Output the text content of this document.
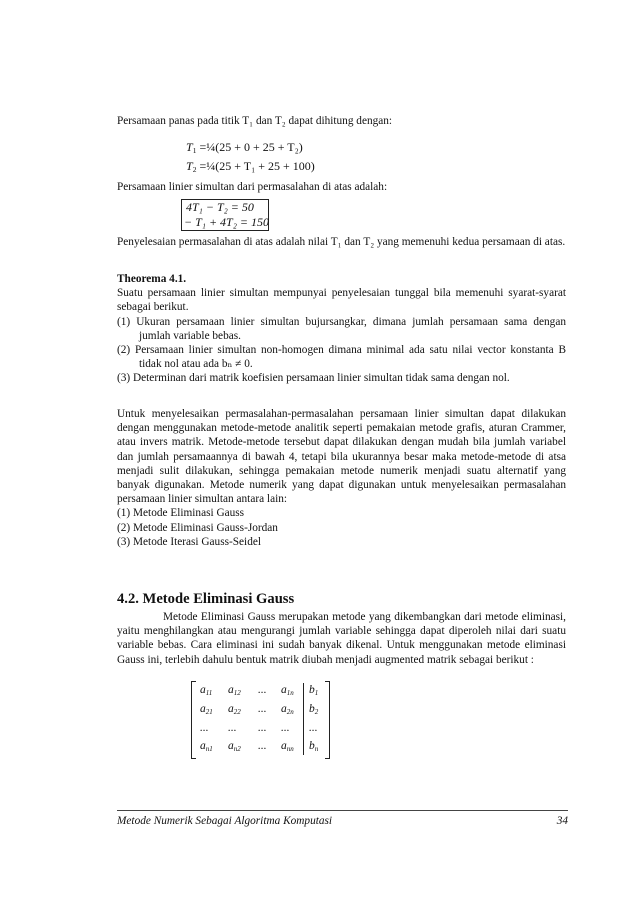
Persamaan panas pada titik T₁ dan T₂ dapat dihitung dengan:

T1 =¼(25 + 0 + 25 + T₂)
T2 =¼(25 + T₁ + 25 + 100)

Persamaan linier simultan dari permasalahan di atas adalah:

4T₁ − T₂ = 50
− T₁ + 4T₂ = 150

Penyelesaian permasalahan di atas adalah nilai T₁ dan T₂ yang memenuhi kedua persamaan di atas.

Theorema 4.1.

Suatu persamaan linier simultan mempunyai penyelesaian tunggal bila memenuhi syarat-syarat sebagai berikut.

(1) Ukuran persamaan linier simultan bujursangkar, dimana jumlah persamaan sama dengan jumlah variable bebas.

(2) Persamaan linier simultan non-homogen dimana minimal ada satu nilai vector konstanta B tidak nol atau ada bₙ ≠ 0.

(3) Determinan dari matrik koefisien persamaan linier simultan tidak sama dengan nol.

Untuk menyelesaikan permasalahan-permasalahan persamaan linier simultan dapat dilakukan dengan menggunakan metode-metode analitik seperti pemakaian metode grafis, aturan Crammer, atau invers matrik. Metode-metode tersebut dapat dilakukan dengan mudah bila jumlah variabel dan jumlah persamaannya di bawah 4, tetapi bila ukurannya besar maka metode-metode di atsa menjadi sulit dilakukan, sehingga pemakaian metode numerik menjadi suatu alternatif yang banyak digunakan. Metode numerik yang dapat digunakan untuk menyelesaikan permasalahan persamaan linier simultan antara lain:

(1) Metode Eliminasi Gauss

(2) Metode Eliminasi Gauss-Jordan

(3) Metode Iterasi Gauss-Seidel

4.2. Metode Eliminasi Gauss

Metode Eliminasi Gauss merupakan metode yang dikembangkan dari metode eliminasi, yaitu menghilangkan atau mengurangi jumlah variable sehingga dapat diperoleh nilai dari suatu variable bebas. Cara eliminasi ini sudah banyak dikenal. Untuk menggunakan metode eliminasi Gauss ini, terlebih dahulu bentuk matrik diubah menjadi augmented matrik sebagai berikut :

a11 a12 ... a1n b1
a21 a22 ... a2n b2
... ... ... ... ...
an1 an2 ... ann bn
Metode Numerik Sebagai Algoritma Komputasi	34
